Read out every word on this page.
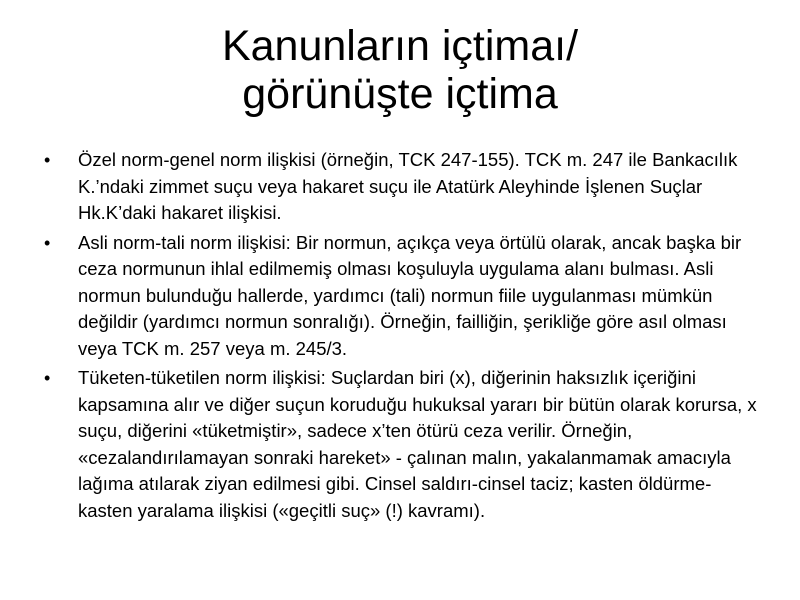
Kanunların içtimaı/
görünüşte içtima
• Özel norm-genel norm ilişkisi (örneğin, TCK 247-155). TCK m. 247 ile Bankacılık K.’ndaki zimmet suçu veya hakaret suçu ile Atatürk Aleyhinde İşlenen Suçlar Hk.K’daki hakaret ilişkisi.
• Asli norm-tali norm ilişkisi: Bir normun, açıkça veya örtülü olarak, ancak başka bir ceza normunun ihlal edilmemiş olması koşuluyla uygulama alanı bulması. Asli normun bulunduğu hallerde, yardımcı (tali) normun fiile uygulanması mümkün değildir (yardımcı normun sonralığı). Örneğin, failliğin, şerikliğe göre asıl olması veya TCK m. 257 veya m. 245/3.
• Tüketen-tüketilen norm ilişkisi: Suçlardan biri (x), diğerinin haksızlık içeriğini kapsamına alır ve diğer suçun koruduğu hukuksal yararı bir bütün olarak korursa, x suçu, diğerini «tüketmiştir», sadece x’ten ötürü ceza verilir. Örneğin, «cezalandırılamayan sonraki hareket» - çalınan malın, yakalanmamak amacıyla lağıma atılarak ziyan edilmesi gibi. Cinsel saldırı-cinsel taciz; kasten öldürme-kasten yaralama ilişkisi («geçitli suç» (!) kavramı).
